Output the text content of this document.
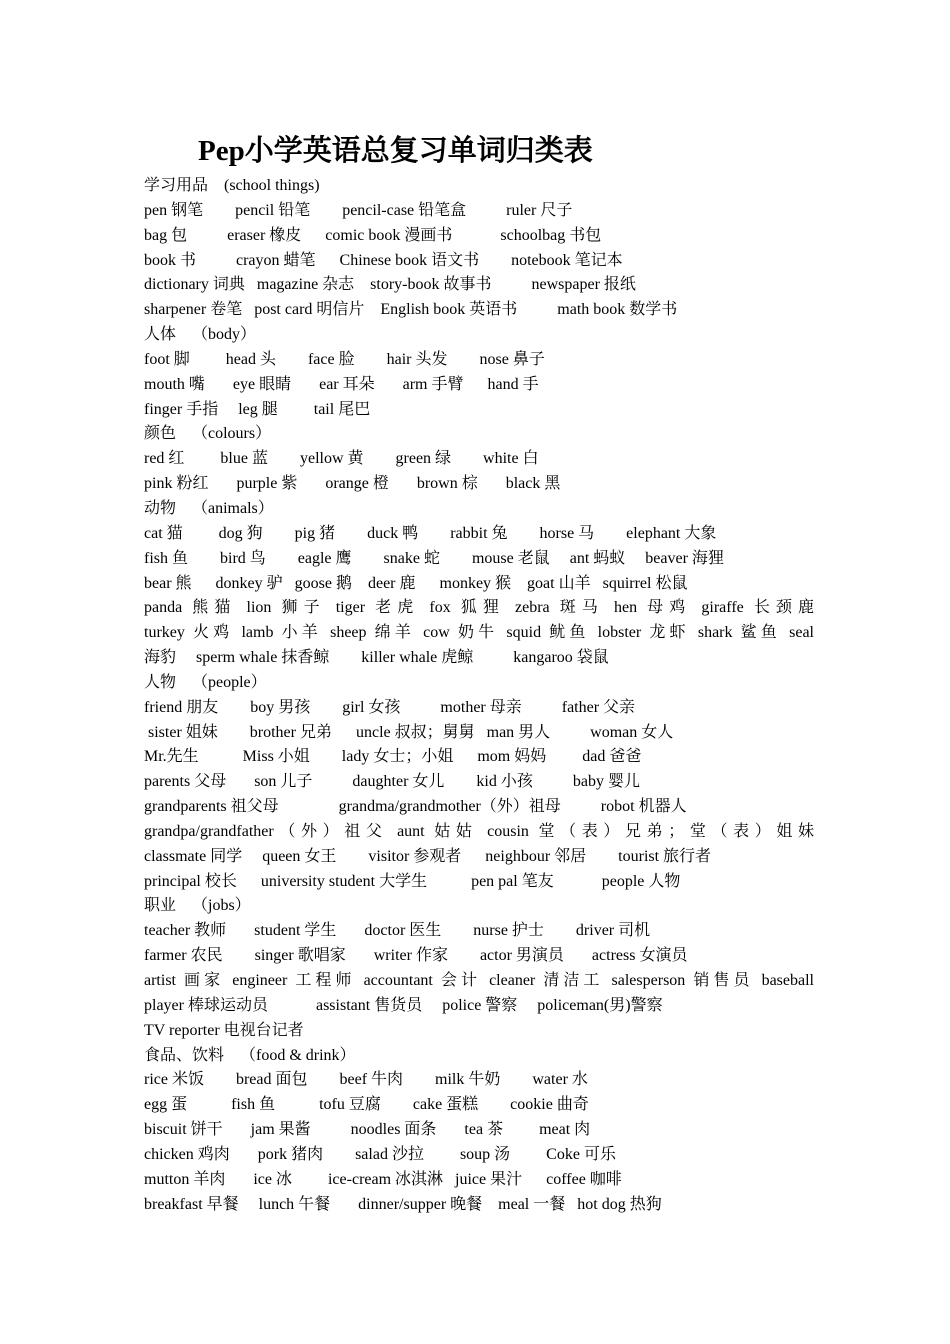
Pep小学英语总复习单词归类表
学习用品    (school things)
pen 钢笔        pencil 铅笔        pencil-case 铅笔盒          ruler 尺子
bag 包          eraser 橡皮      comic book 漫画书            schoolbag 书包
book 书          crayon 蜡笔      Chinese book 语文书        notebook 笔记本
dictionary 词典   magazine 杂志    story-book 故事书          newspaper 报纸
sharpener 卷笔   post card 明信片    English book 英语书          math book 数学书
人体    （body）
foot 脚         head 头        face 脸        hair 头发        nose 鼻子
mouth 嘴       eye 眼睛       ear 耳朵       arm 手臂      hand 手
finger 手指     leg 腿         tail 尾巴
颜色    （colours）
red 红         blue 蓝        yellow 黄        green 绿        white 白
pink 粉红       purple 紫       orange 橙       brown 棕       black 黑
动物    （animals）
cat 猫         dog 狗        pig 猪        duck 鸭        rabbit 兔        horse 马        elephant 大象
fish 鱼        bird 鸟        eagle 鹰        snake 蛇        mouse 老鼠     ant 蚂蚁     beaver 海狸
bear 熊      donkey 驴   goose 鹅    deer 鹿      monkey 猴    goat 山羊   squirrel 松鼠
panda 熊猫 lion 狮子 tiger 老虎 fox 狐狸 zebra 斑马 hen 母鸡 giraffe 长颈鹿
turkey 火鸡 lamb 小羊 sheep 绵羊 cow 奶牛 squid 鱿鱼 lobster 龙虾 shark 鲨鱼 seal
海豹     sperm whale 抹香鲸        killer whale 虎鲸          kangaroo 袋鼠
人物    （people）
friend 朋友        boy 男孩        girl 女孩          mother 母亲          father 父亲
sister 姐妹        brother 兄弟      uncle 叔叔；舅舅   man 男人          woman 女人
Mr.先生           Miss 小姐        lady 女士；小姐      mom 妈妈         dad 爸爸
parents 父母       son 儿子          daughter 女儿        kid 小孩          baby 婴儿
grandparents 祖父母               grandma/grandmother（外）祖母          robot 机器人
grandpa/grandfather（外）祖父 aunt 姑姑 cousin 堂（表）兄弟；堂（表）姐妹
classmate 同学     queen 女王        visitor 参观者      neighbour 邻居        tourist 旅行者
principal 校长      university student 大学生           pen pal 笔友            people 人物
职业    （jobs）
teacher 教师       student 学生       doctor 医生        nurse 护士        driver 司机
farmer 农民        singer 歌唱家       writer 作家        actor 男演员       actress 女演员
artist 画家 engineer 工程师 accountant 会计 cleaner 清洁工 salesperson 销售员 baseball
player 棒球运动员            assistant 售货员     police 警察     policeman(男)警察
TV reporter 电视台记者
食品、饮料    （food & drink）
rice 米饭        bread 面包        beef 牛肉        milk 牛奶        water 水
egg 蛋           fish 鱼           tofu 豆腐        cake 蛋糕        cookie 曲奇
biscuit 饼干       jam 果酱          noodles 面条       tea 茶         meat 肉
chicken 鸡肉       pork 猪肉        salad 沙拉         soup 汤         Coke 可乐
mutton 羊肉       ice 冰         ice-cream 冰淇淋   juice 果汁      coffee 咖啡
breakfast 早餐     lunch 午餐       dinner/supper 晚餐    meal 一餐   hot dog 热狗
